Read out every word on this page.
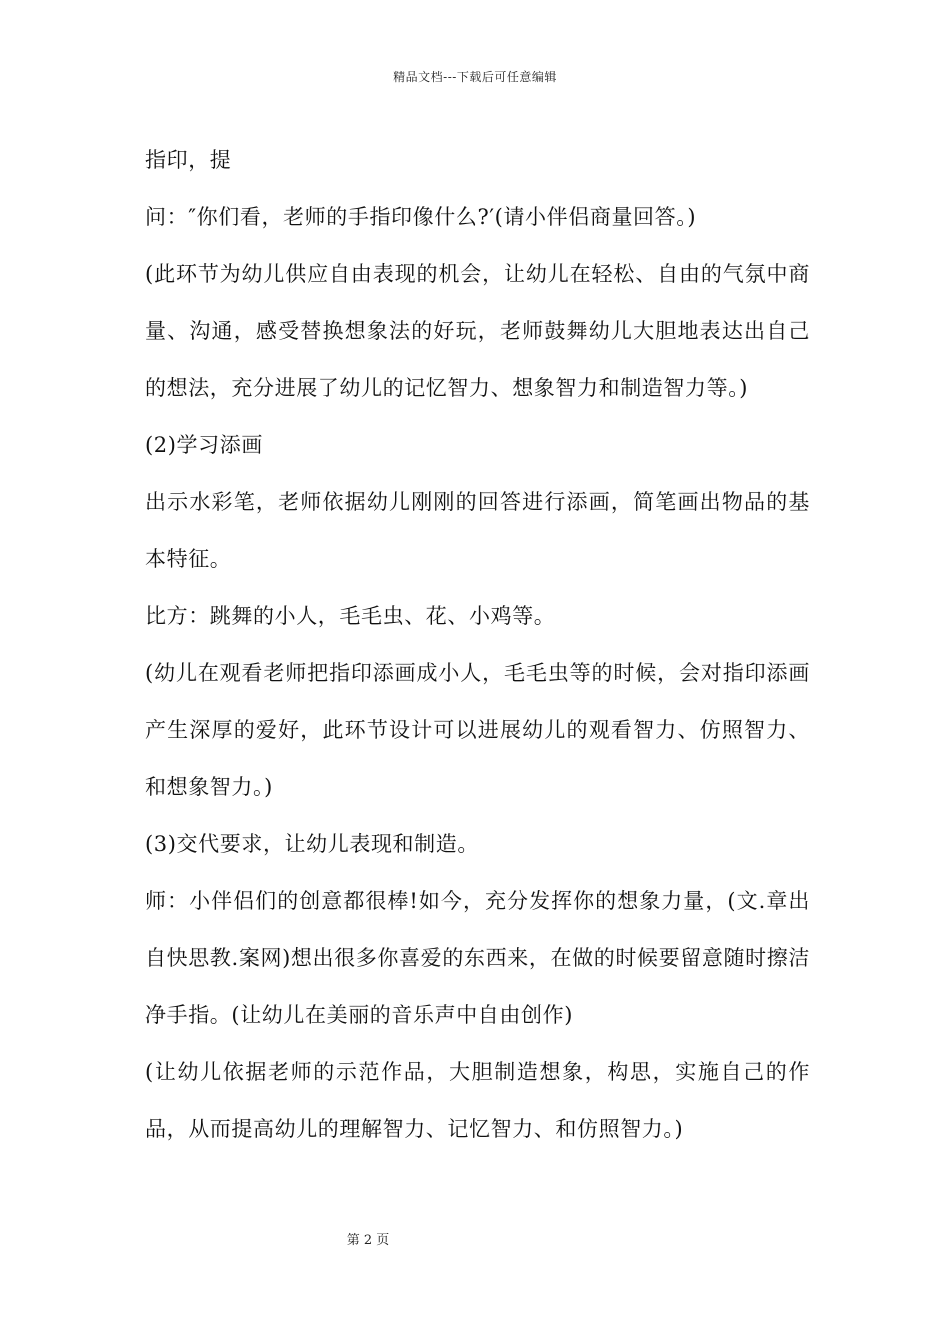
精品文档---下载后可任意编辑

指印，提

问：″你们看，老师的手指印像什么?′(请小伴侣商量回答。)

(此环节为幼儿供应自由表现的机会，让幼儿在轻松、自由的气氛中商量、沟通，感受替换想象法的好玩，老师鼓舞幼儿大胆地表达出自己的想法，充分进展了幼儿的记忆智力、想象智力和制造智力等。)

(2)学习添画

出示水彩笔，老师依据幼儿刚刚的回答进行添画，简笔画出物品的基本特征。

比方：跳舞的小人，毛毛虫、花、小鸡等。

(幼儿在观看老师把指印添画成小人，毛毛虫等的时候，会对指印添画产生深厚的爱好，此环节设计可以进展幼儿的观看智力、仿照智力、和想象智力。)

(3)交代要求，让幼儿表现和制造。

师：小伴侣们的创意都很棒!如今，充分发挥你的想象力量，(文.章出自快思教.案网)想出很多你喜爱的东西来，在做的时候要留意随时擦洁净手指。(让幼儿在美丽的音乐声中自由创作)

(让幼儿依据老师的示范作品，大胆制造想象，构思，实施自己的作品，从而提高幼儿的理解智力、记忆智力、和仿照智力。)

第 2 页
